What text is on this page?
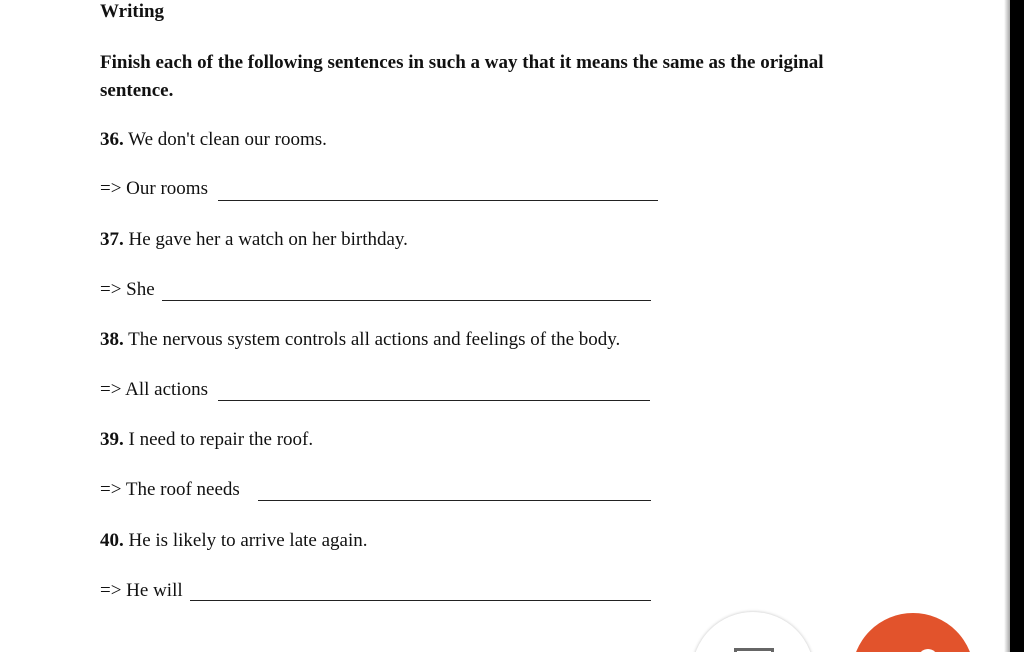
Writing
Finish each of the following sentences in such a way that it means the same as the original sentence.
36. We don't clean our rooms.
=> Our rooms
37. He gave her a watch on her birthday.
=> She
38. The nervous system controls all actions and feelings of the body.
=> All actions
39. I need to repair the roof.
=> The roof needs
40. He is likely to arrive late again.
=> He will
